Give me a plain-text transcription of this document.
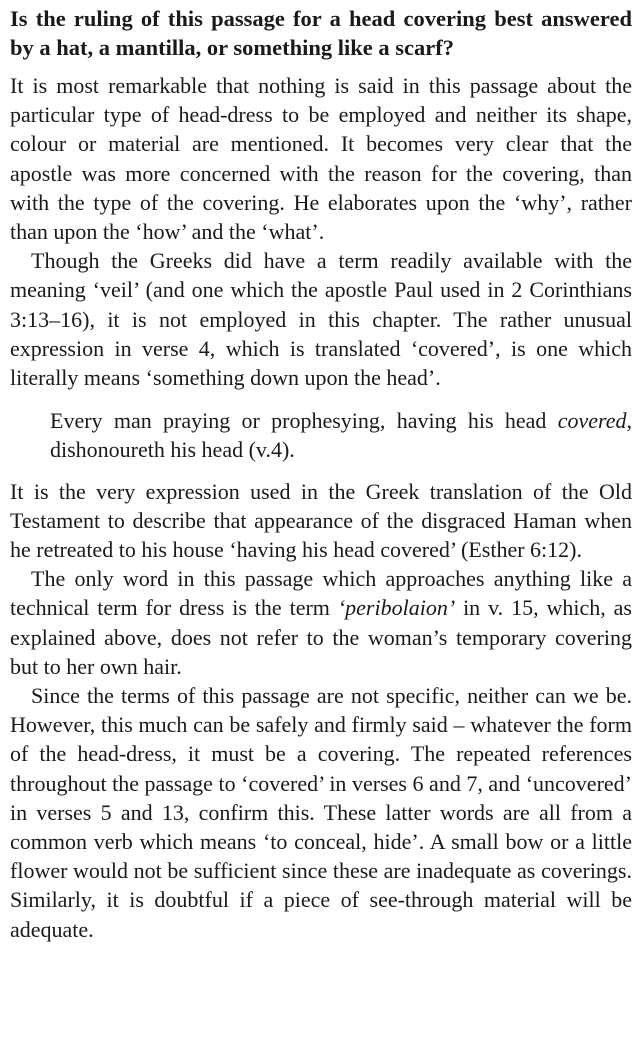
Is the ruling of this passage for a head covering best answered by a hat, a mantilla, or something like a scarf?

It is most remarkable that nothing is said in this passage about the particular type of head-dress to be employed and neither its shape, colour or material are mentioned. It becomes very clear that the apostle was more concerned with the reason for the covering, than with the type of the covering. He elaborates upon the ‘why’, rather than upon the ‘how’ and the ‘what’.

Though the Greeks did have a term readily available with the meaning ‘veil’ (and one which the apostle Paul used in 2 Corinthians 3:13–16), it is not employed in this chapter. The rather unusual expression in verse 4, which is translated ‘covered’, is one which literally means ‘something down upon the head’.

Every man praying or prophesying, having his head covered, dishonoureth his head (v.4).

It is the very expression used in the Greek translation of the Old Testament to describe that appearance of the disgraced Haman when he retreated to his house ‘having his head covered’ (Esther 6:12).

The only word in this passage which approaches anything like a technical term for dress is the term ‘peribolaion’ in v. 15, which, as explained above, does not refer to the woman’s temporary covering but to her own hair.

Since the terms of this passage are not specific, neither can we be. However, this much can be safely and firmly said – whatever the form of the head-dress, it must be a covering. The repeated references throughout the passage to ‘covered’ in verses 6 and 7, and ‘uncovered’ in verses 5 and 13, confirm this. These latter words are all from a common verb which means ‘to conceal, hide’. A small bow or a little flower would not be sufficient since these are inadequate as coverings. Similarly, it is doubtful if a piece of see-through material will be adequate.
